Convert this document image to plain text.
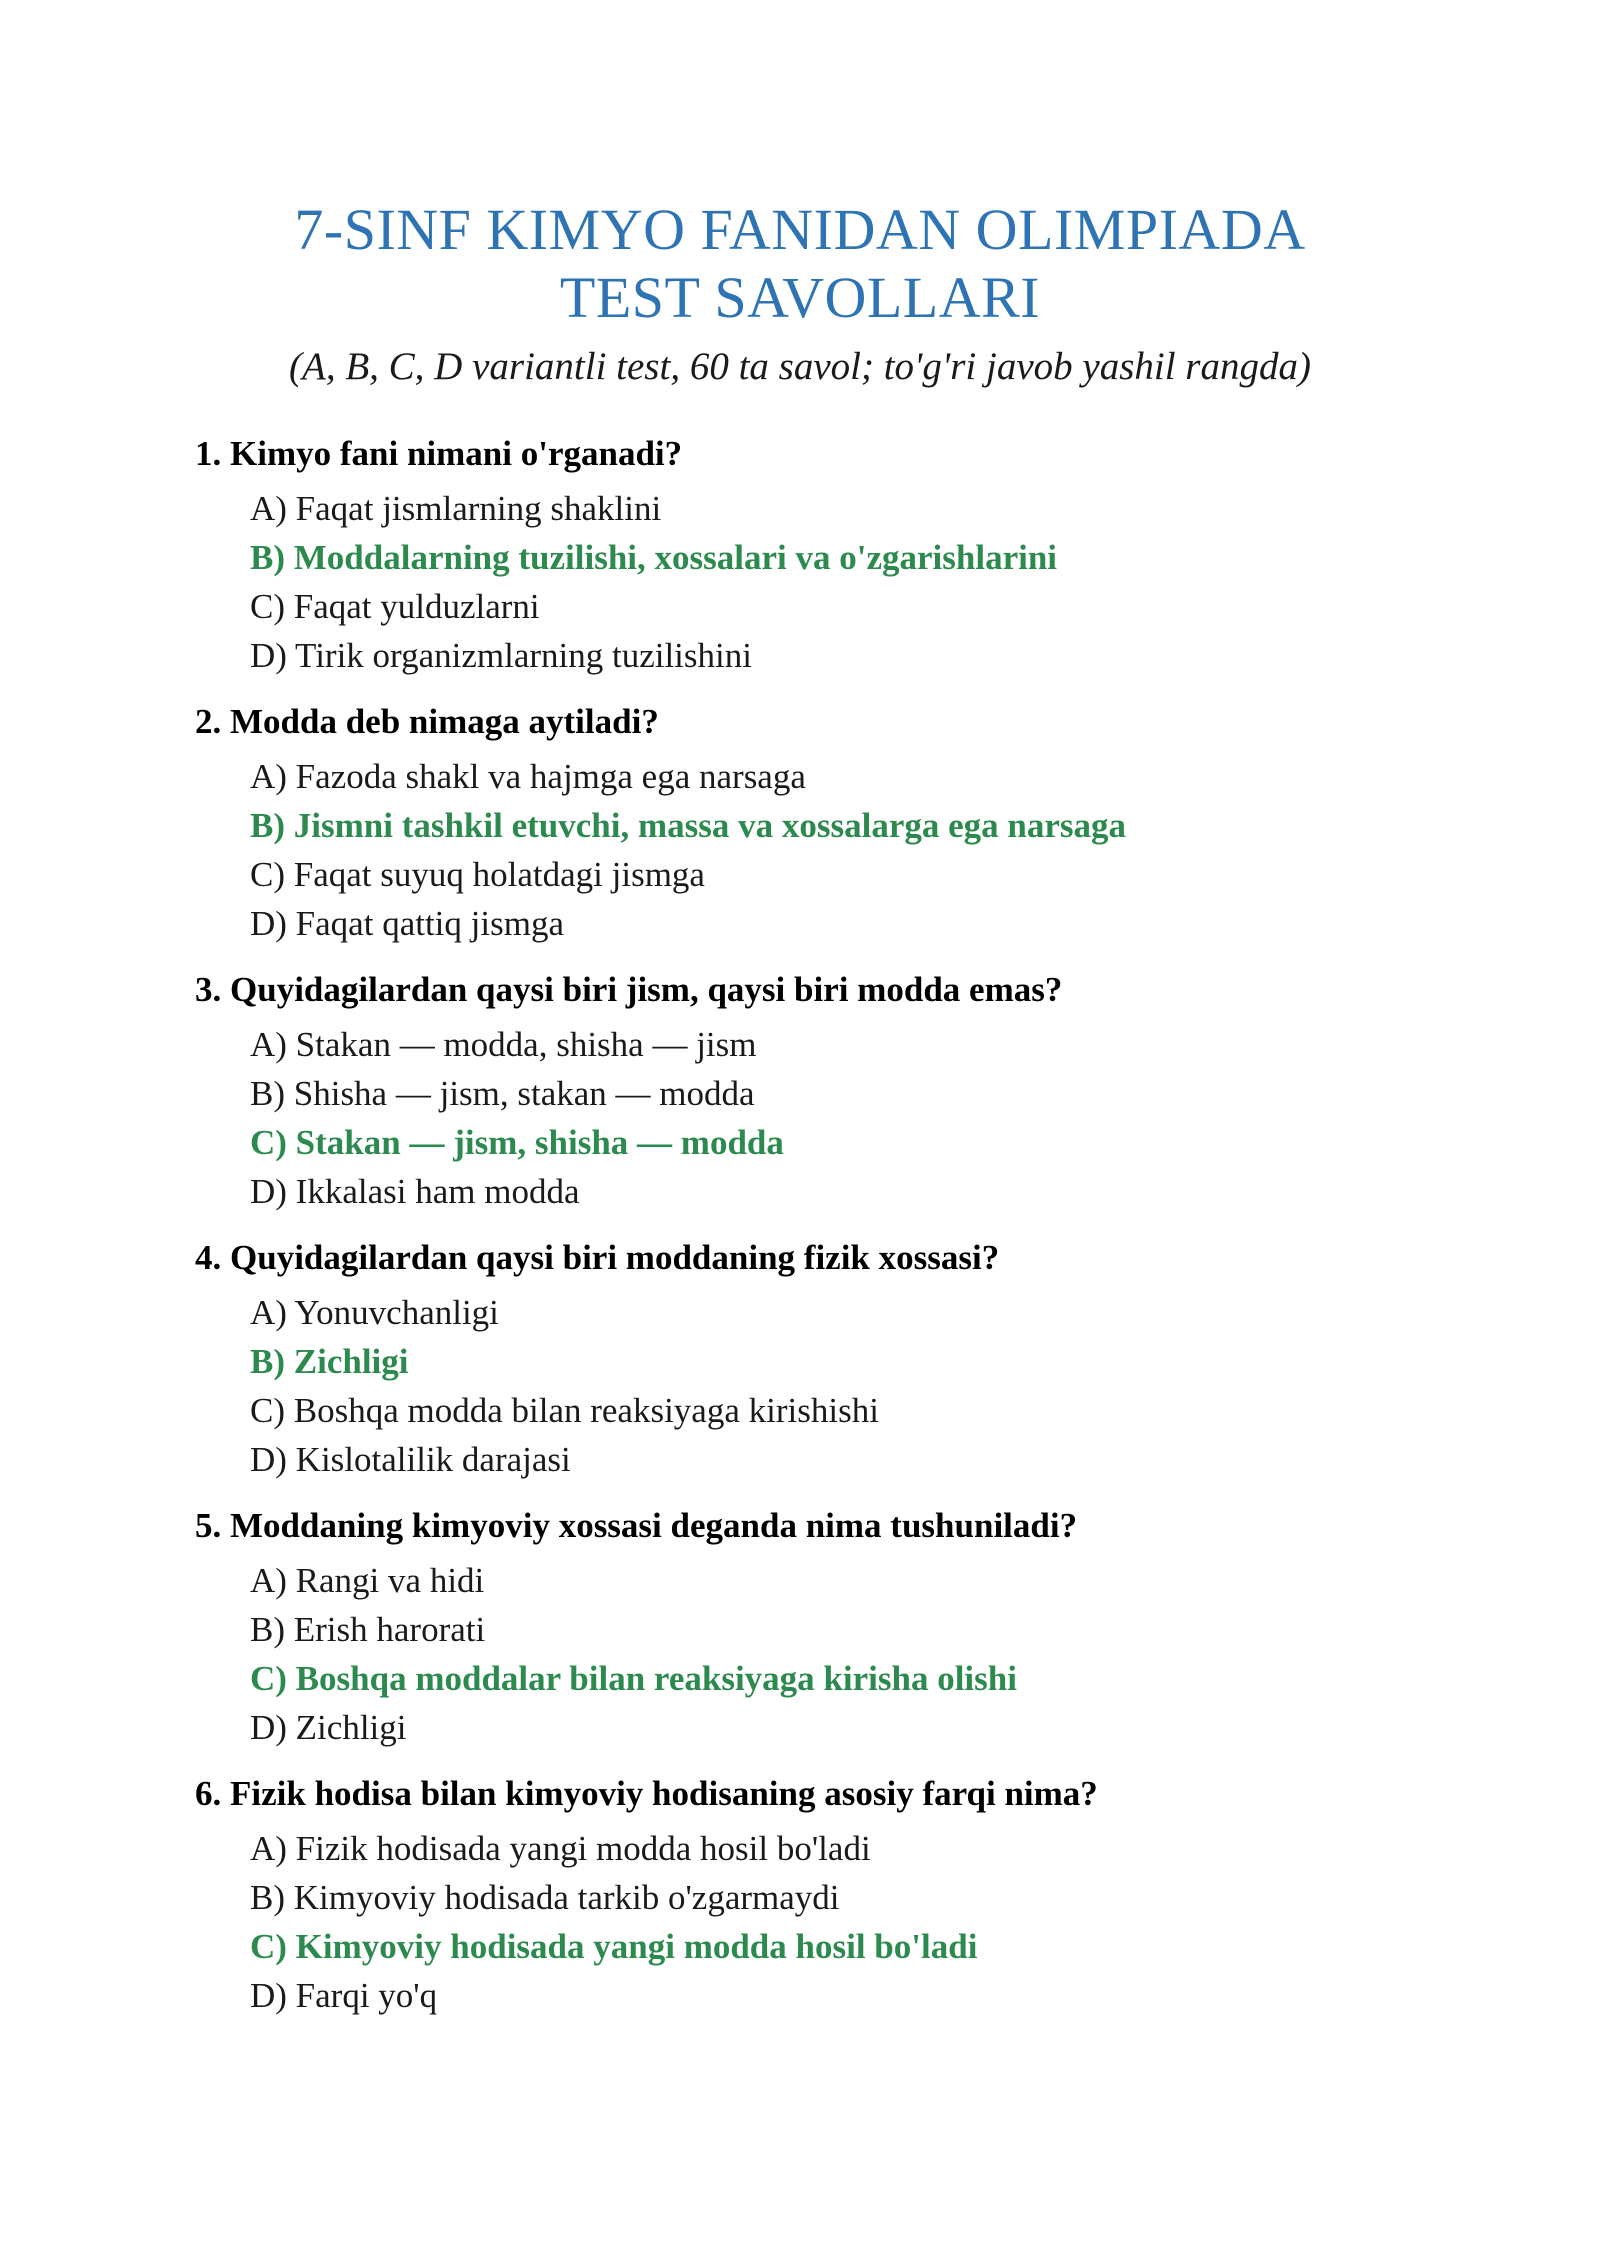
7-SINF KIMYO FANIDAN OLIMPIADA
TEST SAVOLLARI
(A, B, C, D variantli test, 60 ta savol; to'g'ri javob yashil rangda)
1. Kimyo fani nimani o'rganadi?
A) Faqat jismlarning shaklini
B) Moddalarning tuzilishi, xossalari va o'zgarishlarini
C) Faqat yulduzlarni
D) Tirik organizmlarning tuzilishini
2. Modda deb nimaga aytiladi?
A) Fazoda shakl va hajmga ega narsaga
B) Jismni tashkil etuvchi, massa va xossalarga ega narsaga
C) Faqat suyuq holatdagi jismga
D) Faqat qattiq jismga
3. Quyidagilardan qaysi biri jism, qaysi biri modda emas?
A) Stakan — modda, shisha — jism
B) Shisha — jism, stakan — modda
C) Stakan — jism, shisha — modda
D) Ikkalasi ham modda
4. Quyidagilardan qaysi biri moddaning fizik xossasi?
A) Yonuvchanligi
B) Zichligi
C) Boshqa modda bilan reaksiyaga kirishishi
D) Kislotalilik darajasi
5. Moddaning kimyoviy xossasi deganda nima tushuniladi?
A) Rangi va hidi
B) Erish harorati
C) Boshqa moddalar bilan reaksiyaga kirisha olishi
D) Zichligi
6. Fizik hodisa bilan kimyoviy hodisaning asosiy farqi nima?
A) Fizik hodisada yangi modda hosil bo'ladi
B) Kimyoviy hodisada tarkib o'zgarmaydi
C) Kimyoviy hodisada yangi modda hosil bo'ladi
D) Farqi yo'q
